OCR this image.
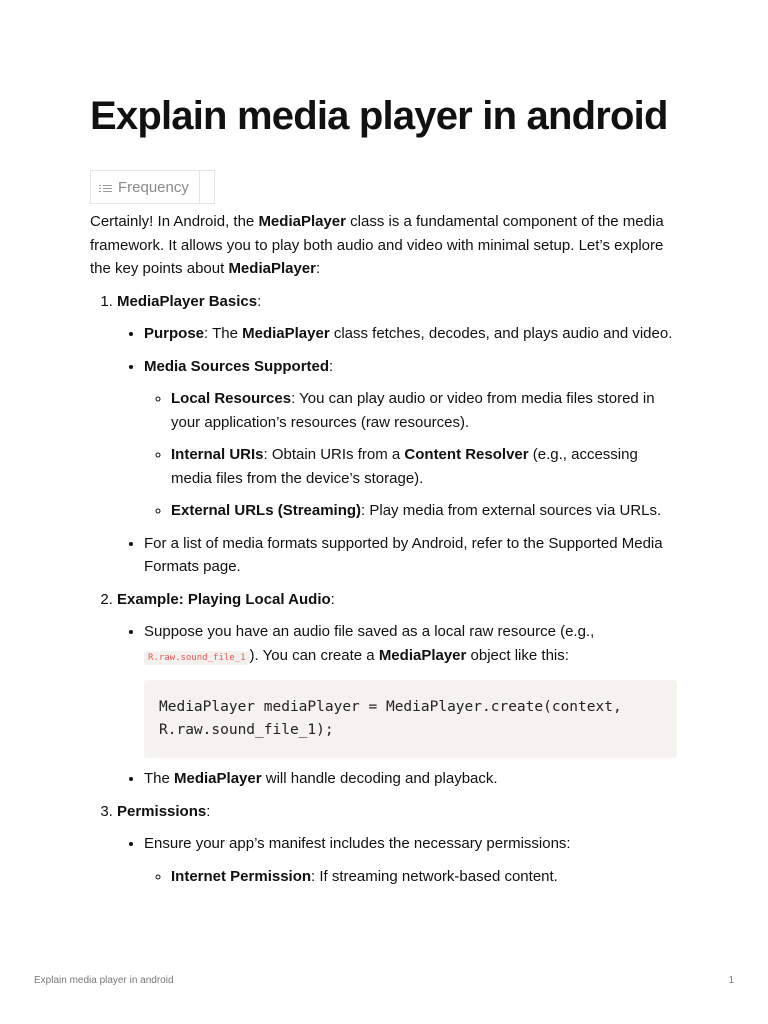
Explain media player in android
Frequency

Certainly! In Android, the MediaPlayer class is a fundamental component of the media framework. It allows you to play both audio and video with minimal setup. Let’s explore the key points about MediaPlayer:

1. MediaPlayer Basics:
• Purpose: The MediaPlayer class fetches, decodes, and plays audio and video.
• Media Sources Supported:
◦ Local Resources: You can play audio or video from media files stored in your application’s resources (raw resources).
◦ Internal URIs: Obtain URIs from a Content Resolver (e.g., accessing media files from the device’s storage).
◦ External URLs (Streaming): Play media from external sources via URLs.
• For a list of media formats supported by Android, refer to the Supported Media Formats page.
2. Example: Playing Local Audio:
• Suppose you have an audio file saved as a local raw resource (e.g., R.raw.sound_file_1 ). You can create a MediaPlayer object like this:
MediaPlayer mediaPlayer = MediaPlayer.create(context, R.raw.sound_file_1);
• The MediaPlayer will handle decoding and playback.
3. Permissions:
• Ensure your app’s manifest includes the necessary permissions:
◦ Internet Permission: If streaming network-based content.
Explain media player in android	1
